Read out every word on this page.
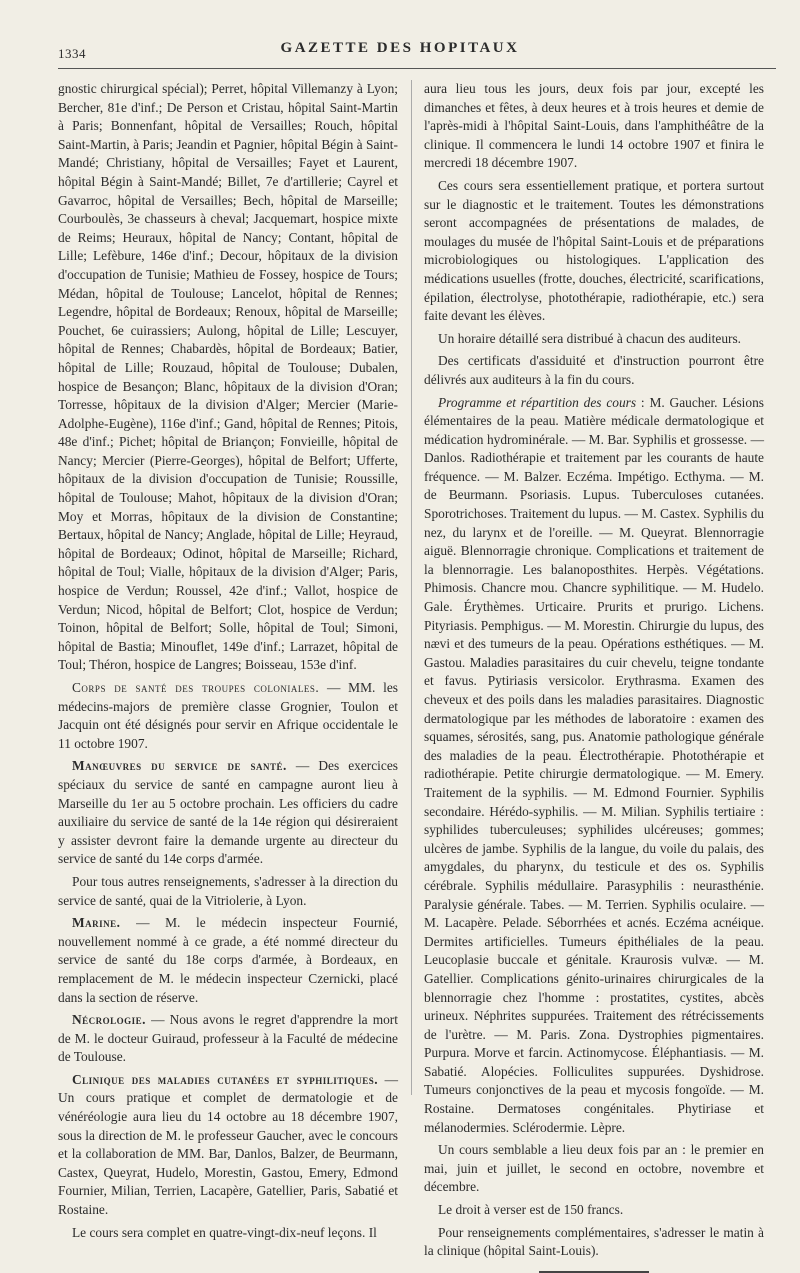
1334	GAZETTE DES HOPITAUX

gnostic chirurgical spécial); Perret, hôpital Villemanzy à Lyon; Bercher, 81e d'inf.; De Person et Cristau, hôpital Saint-Martin à Paris; Bonnenfant, hôpital de Versailles; Rouch, hôpital Saint-Martin, à Paris; Jeandin et Pagnier, hôpital Bégin à Saint-Mandé; Christiany, hôpital de Versailles; Fayet et Laurent, hôpital Bégin à Saint-Mandé; Billet, 7e d'artillerie; Cayrel et Gavarroc, hôpital de Versailles; Bech, hôpital de Marseille; Courboulès, 3e chasseurs à cheval; Jacquemart, hospice mixte de Reims; Heuraux, hôpital de Nancy; Contant, hôpital de Lille; Lefèbure, 146e d'inf.; Decour, hôpitaux de la division d'occupation de Tunisie; Mathieu de Fossey, hospice de Tours; Médan, hôpital de Toulouse; Lancelot, hôpital de Rennes; Legendre, hôpital de Bordeaux; Renoux, hôpital de Marseille; Pouchet, 6e cuirassiers; Aulong, hôpital de Lille; Lescuyer, hôpital de Rennes; Chabardès, hôpital de Bordeaux; Batier, hôpital de Lille; Rouzaud, hôpital de Toulouse; Dubalen, hospice de Besançon; Blanc, hôpitaux de la division d'Oran; Torresse, hôpitaux de la division d'Alger; Mercier (Marie-Adolphe-Eugène), 116e d'inf.; Gand, hôpital de Rennes; Pitois, 48e d'inf.; Pichet; hôpital de Briançon; Fonvieille, hôpital de Nancy; Mercier (Pierre-Georges), hôpital de Belfort; Ufferte, hôpitaux de la division d'occupation de Tunisie; Roussille, hôpital de Toulouse; Mahot, hôpitaux de la division d'Oran; Moy et Morras, hôpitaux de la division de Constantine; Bertaux, hôpital de Nancy; Anglade, hôpital de Lille; Heyraud, hôpital de Bordeaux; Odinot, hôpital de Marseille; Richard, hôpital de Toul; Vialle, hôpitaux de la division d'Alger; Paris, hospice de Verdun; Roussel, 42e d'inf.; Vallot, hospice de Verdun; Nicod, hôpital de Belfort; Clot, hospice de Verdun; Toinon, hôpital de Belfort; Solle, hôpital de Toul; Simoni, hôpital de Bastia; Minouflet, 149e d'inf.; Larrazet, hôpital de Toul; Théron, hospice de Langres; Boisseau, 153e d'inf.

Corps de santé des troupes coloniales. — MM. les médecins-majors de première classe Grognier, Toulon et Jacquin ont été désignés pour servir en Afrique occidentale le 11 octobre 1907.

Manœuvres du service de santé. — Des exercices spéciaux du service de santé en campagne auront lieu à Marseille du 1er au 5 octobre prochain. Les officiers du cadre auxiliaire du service de santé de la 14e région qui désireraient y assister devront faire la demande urgente au directeur du service de santé du 14e corps d'armée.

Pour tous autres renseignements, s'adresser à la direction du service de santé, quai de la Vitriolerie, à Lyon.

Marine. — M. le médecin inspecteur Fournié, nouvellement nommé à ce grade, a été nommé directeur du service de santé du 18e corps d'armée, à Bordeaux, en remplacement de M. le médecin inspecteur Czernicki, placé dans la section de réserve.

Nécrologie. — Nous avons le regret d'apprendre la mort de M. le docteur Guiraud, professeur à la Faculté de médecine de Toulouse.

Clinique des maladies cutanées et syphilitiques. — Un cours pratique et complet de dermatologie et de vénéréologie aura lieu du 14 octobre au 18 décembre 1907, sous la direction de M. le professeur Gaucher, avec le concours et la collaboration de MM. Bar, Danlos, Balzer, de Beurmann, Castex, Queyrat, Hudelo, Morestin, Gastou, Emery, Edmond Fournier, Milian, Terrien, Lacapère, Gatellier, Paris, Sabatié et Rostaine.

Le cours sera complet en quatre-vingt-dix-neuf leçons. Il

aura lieu tous les jours, deux fois par jour, excepté les dimanches et fêtes, à deux heures et à trois heures et demie de l'après-midi à l'hôpital Saint-Louis, dans l'amphithéâtre de la clinique. Il commencera le lundi 14 octobre 1907 et finira le mercredi 18 décembre 1907.

Ces cours sera essentiellement pratique, et portera surtout sur le diagnostic et le traitement. Toutes les démonstrations seront accompagnées de présentations de malades, de moulages du musée de l'hôpital Saint-Louis et de préparations microbiologiques ou histologiques. L'application des médications usuelles (frotte, douches, électricité, scarifications, épilation, électrolyse, photothérapie, radiothérapie, etc.) sera faite devant les élèves.

Un horaire détaillé sera distribué à chacun des auditeurs.

Des certificats d'assiduité et d'instruction pourront être délivrés aux auditeurs à la fin du cours.

Programme et répartition des cours : M. Gaucher. Lésions élémentaires de la peau. Matière médicale dermatologique et médication hydrominérale. — M. Bar. Syphilis et grossesse. — Danlos. Radiothérapie et traitement par les courants de haute fréquence. — M. Balzer. Eczéma. Impétigo. Ecthyma. — M. de Beurmann. Psoriasis. Lupus. Tuberculoses cutanées. Sporotrichoses. Traitement du lupus. — M. Castex. Syphilis du nez, du larynx et de l'oreille. — M. Queyrat. Blennorragie aiguë. Blennorragie chronique. Complications et traitement de la blennorragie. Les balanoposthites. Herpès. Végétations. Phimosis. Chancre mou. Chancre syphilitique. — M. Hudelo. Gale. Érythèmes. Urticaire. Prurits et prurigo. Lichens. Pityriasis. Pemphigus. — M. Morestin. Chirurgie du lupus, des nævi et des tumeurs de la peau. Opérations esthétiques. — M. Gastou. Maladies parasitaires du cuir chevelu, teigne tondante et favus. Pytiriasis versicolor. Erythrasma. Examen des cheveux et des poils dans les maladies parasitaires. Diagnostic dermatologique par les méthodes de laboratoire : examen des squames, sérosités, sang, pus. Anatomie pathologique générale des maladies de la peau. Électrothérapie. Photothérapie et radiothérapie. Petite chirurgie dermatologique. — M. Emery. Traitement de la syphilis. — M. Edmond Fournier. Syphilis secondaire. Hérédo-syphilis. — M. Milian. Syphilis tertiaire : syphilides tuberculeuses; syphilides ulcéreuses; gommes; ulcères de jambe. Syphilis de la langue, du voile du palais, des amygdales, du pharynx, du testicule et des os. Syphilis cérébrale. Syphilis médullaire. Parasyphilis : neurasthénie. Paralysie générale. Tabes. — M. Terrien. Syphilis oculaire. — M. Lacapère. Pelade. Séborrhées et acnés. Eczéma acnéique. Dermites artificielles. Tumeurs épithéliales de la peau. Leucoplasie buccale et génitale. Kraurosis vulvæ. — M. Gatellier. Complications génito-urinaires chirurgicales de la blennorragie chez l'homme : prostatites, cystites, abcès urineux. Néphrites suppurées. Traitement des rétrécissements de l'urètre. — M. Paris. Zona. Dystrophies pigmentaires. Purpura. Morve et farcin. Actinomycose. Éléphantiasis. — M. Sabatié. Alopécies. Folliculites suppurées. Dyshidrose. Tumeurs conjonctives de la peau et mycosis fongoïde. — M. Rostaine. Dermatoses congénitales. Phytiriase et mélanodermies. Sclérodermie. Lèpre.

Un cours semblable a lieu deux fois par an : le premier en mai, juin et juillet, le second en octobre, novembre et décembre.

Le droit à verser est de 150 francs.

Pour renseignements complémentaires, s'adresser le matin à la clinique (hôpital Saint-Louis).
